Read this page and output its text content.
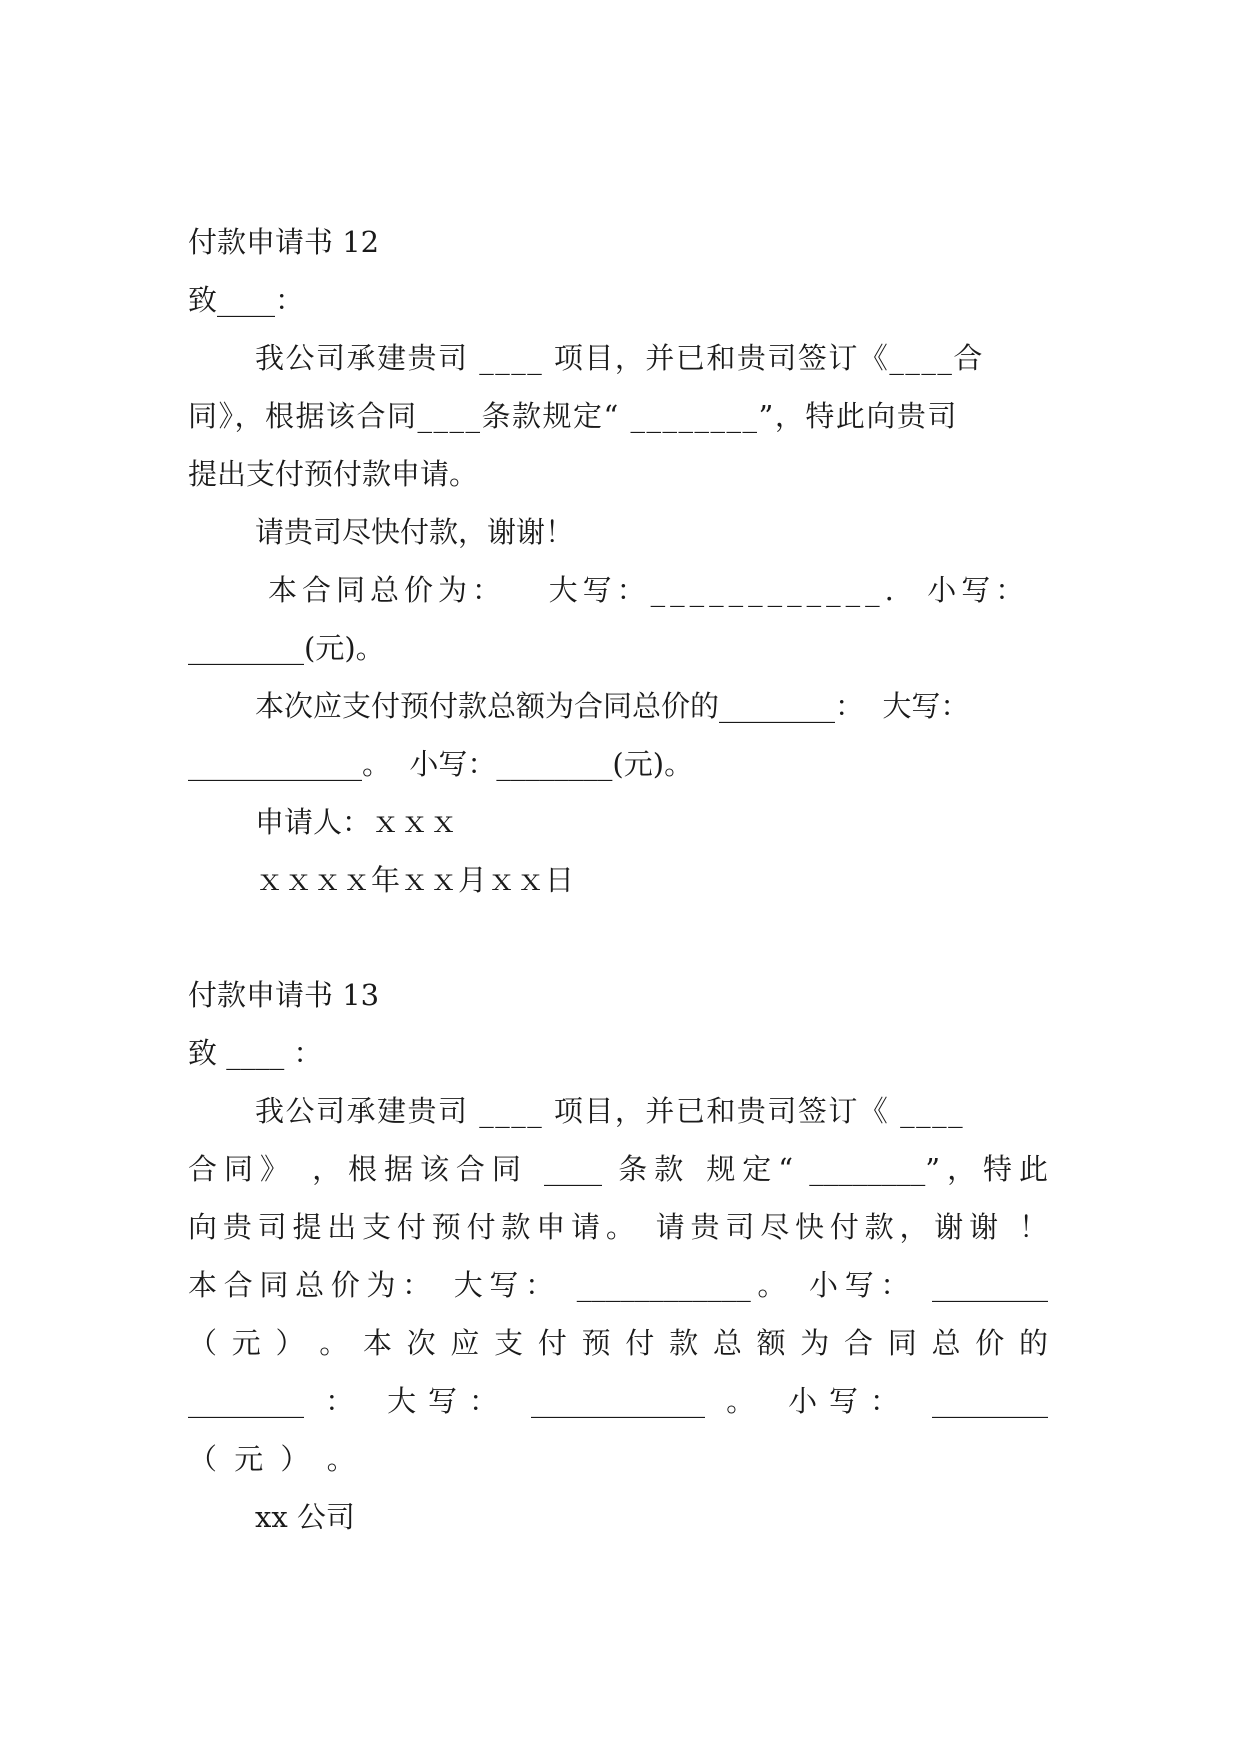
付款申请书 12
致____：
我公司承建贵司 ____ 项目，并已和贵司签订《____合
同》，根据该合同____条款规定“ ________”，特此向贵司
提出支付预付款申请。
请贵司尽快付款，谢谢！
本合同总价为：   大写：____________.  小写：
________(元)。
本次应支付预付款总额为合同总价的________：  大写：
____________。  小写：________(元)。
申请人：ｘｘｘ
ｘｘｘｘ年ｘｘ月ｘｘ日
付款申请书 13
致 ____ ：
我公司承建贵司 ____ 项目，并已和贵司签订《 ____
合同》 ，根据该合同 ____ 条款 规定“ ________”，特此
向贵司提出支付预付款申请。 请贵司尽快付款，谢谢 ！
本合同总价为： 大写： ____________。 小写： ________
（ 元 ） 。 本 次 应 支 付 预 付 款 总 额 为 合 同 总 价 的
________ ： 大写： ____________ 。 小写： ________
（ 元 ） 。
xx 公司
